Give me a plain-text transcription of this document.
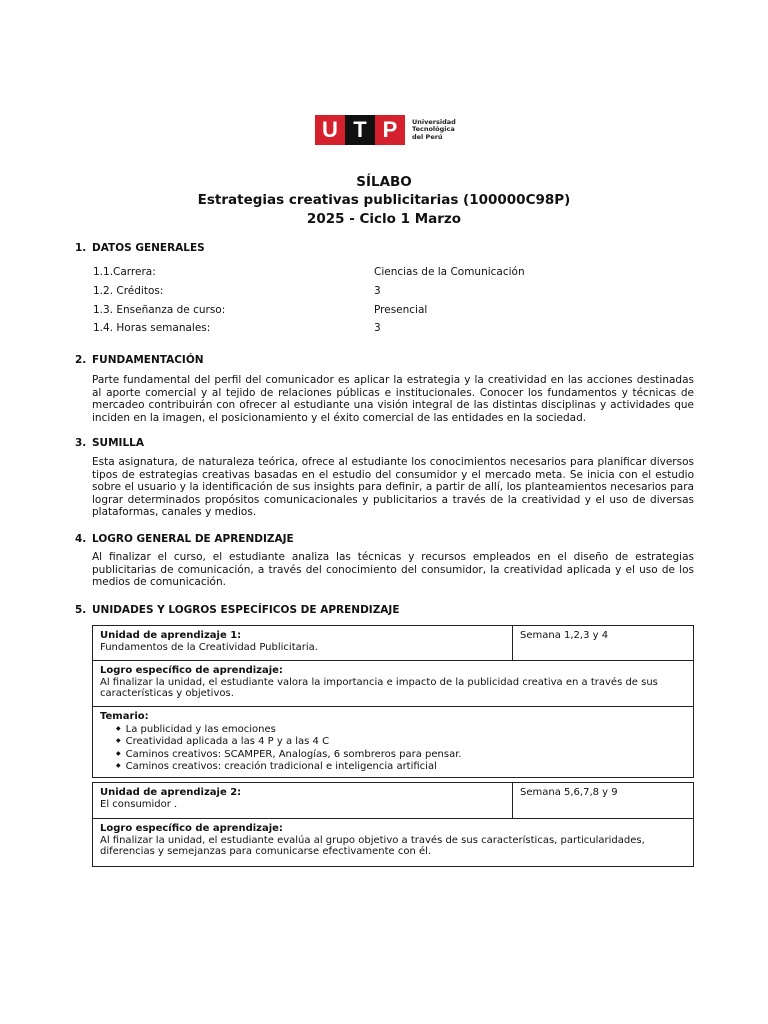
U T P	Universidad
Tecnológica
del Perú
SÍLABO
Estrategias creativas publicitarias (100000C98P)
2025 - Ciclo 1 Marzo
1. DATOS GENERALES
1.1.Carrera:	Ciencias de la Comunicación
1.2. Créditos:	3
1.3. Enseñanza de curso:	Presencial
1.4. Horas semanales:	3
2. FUNDAMENTACIÓN
Parte fundamental del perfil del comunicador es aplicar la estrategia y la creatividad en las acciones destinadas al aporte comercial y al tejido de relaciones públicas e institucionales. Conocer los fundamentos y técnicas de mercadeo contribuirán con ofrecer al estudiante una visión integral de las distintas disciplinas y actividades que inciden en la imagen, el posicionamiento y el éxito comercial de las entidades en la sociedad.
3. SUMILLA
Esta asignatura, de naturaleza teórica, ofrece al estudiante los conocimientos necesarios para planificar diversos tipos de estrategias creativas basadas en el estudio del consumidor y el mercado meta. Se inicia con el estudio sobre el usuario y la identificación de sus insights para definir, a partir de allí, los planteamientos necesarios para lograr determinados propósitos comunicacionales y publicitarios a través de la creatividad y el uso de diversas plataformas, canales y medios.
4. LOGRO GENERAL DE APRENDIZAJE
Al finalizar el curso, el estudiante analiza las técnicas y recursos empleados en el diseño de estrategias publicitarias de comunicación, a través del conocimiento del consumidor, la creatividad aplicada y el uso de los medios de comunicación.
5. UNIDADES Y LOGROS ESPECÍFICOS DE APRENDIZAJE
Unidad de aprendizaje 1:
Fundamentos de la Creatividad Publicitaria.	Semana 1,2,3 y 4
Logro específico de aprendizaje:
Al finalizar la unidad, el estudiante valora la importancia e impacto de la publicidad creativa en a través de sus características y objetivos.
Temario:
◆ La publicidad y las emociones
◆ Creatividad aplicada a las 4 P y a las 4 C
◆ Caminos creativos: SCAMPER, Analogías, 6 sombreros para pensar.
◆ Caminos creativos: creación tradicional e inteligencia artificial
Unidad de aprendizaje 2:
El consumidor .	Semana 5,6,7,8 y 9
Logro específico de aprendizaje:
Al finalizar la unidad, el estudiante evalúa al grupo objetivo a través de sus características, particularidades, diferencias y semejanzas para comunicarse efectivamente con él.
